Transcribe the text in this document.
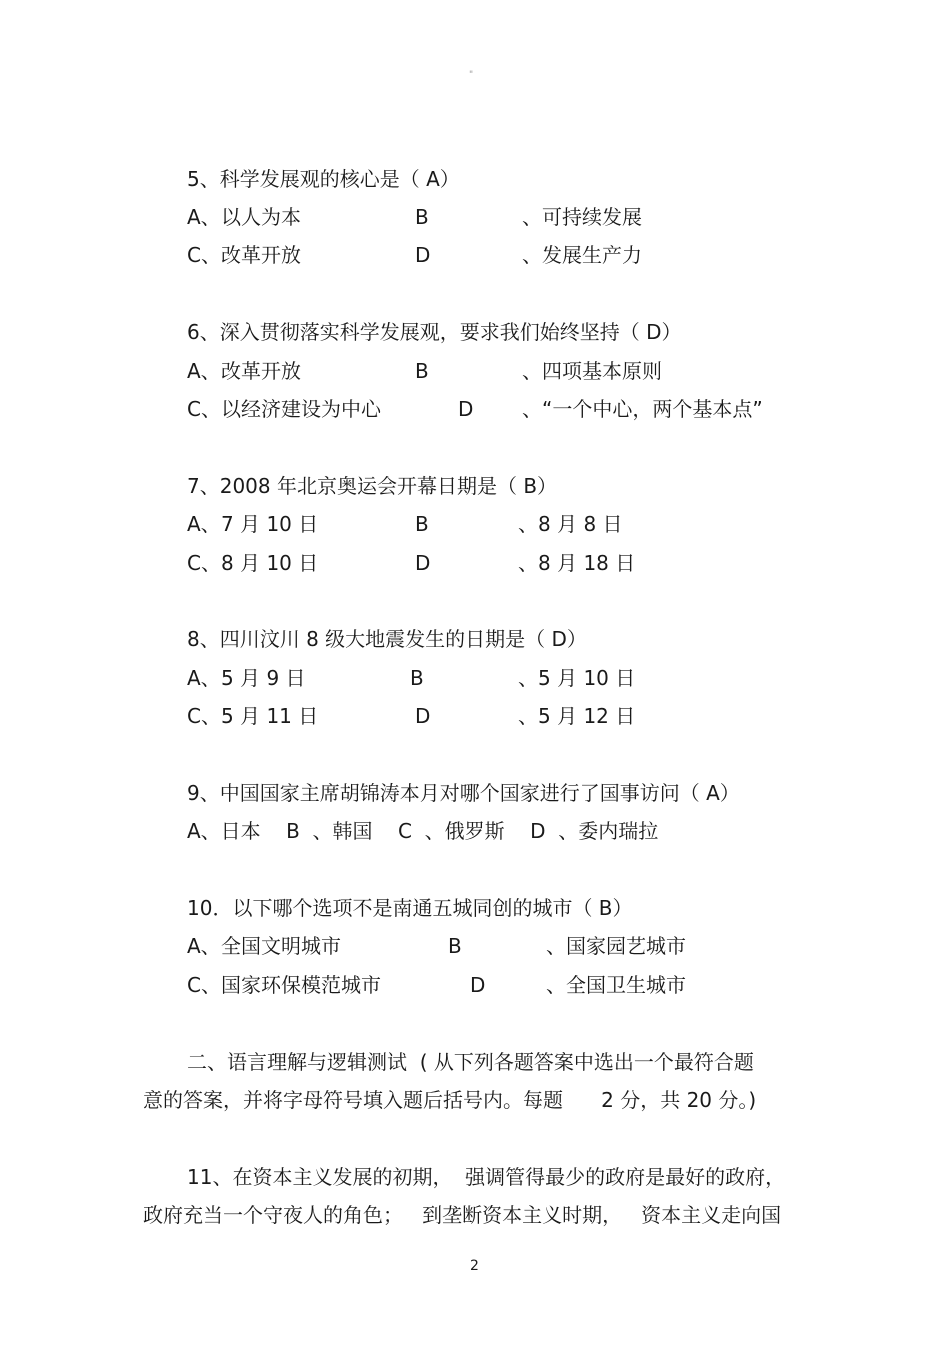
"
5、科学发展观的核心是（ A）
A、 以人为本	B	、可持续发展
C、 改革开放	D	、发展生产力
6、深入贯彻落实科学发展观，要求我们始终坚持（ D）
A、 改革开放	B	、四项基本原则
C、 以经济建设为中心	D 、“一个中心，两个基本点”
7、2008 年北京奥运会开幕日期是（ B）
A、 7 月 10 日	B	、8 月 8 日
C、 8 月 10 日	D	、8 月 18 日
8、四川汶川 8 级大地震发生的日期是（ D）
A、 5 月 9 日	B	、5 月 10 日
C、 5 月 11 日	D	、5 月 12 日
9、中国国家主席胡锦涛本月对哪个国家进行了国事访问（ A）
A、日本    B  、韩国    C  、俄罗斯    D  、委内瑞拉
10．以下哪个选项不是南通五城同创的城市（ B）
A、 全国文明城市	B	、国家园艺城市
C、 国家环保模范城市	D	、全国卫生城市
二、语言理解与逻辑测试  ( 从下列各题答案中选出一个最符合题
意的答案，并将字母符号填入题后括号内。每题      2 分，共 20 分。)
11、在资本主义发展的初期，  强调管得最少的政府是最好的政府，
政府充当一个守夜人的角色；   到垄断资本主义时期，   资本主义走向国
2
